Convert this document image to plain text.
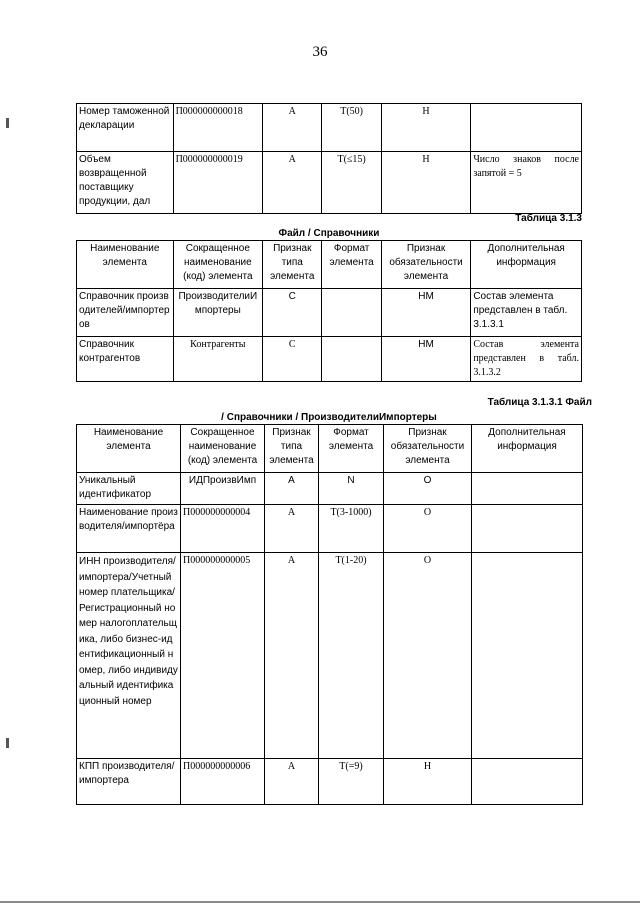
36
Номер таможенной декларации	П000000000018	А	Т(50)	Н	
Объем возвращенной поставщику продукции, дал	П000000000019	А	Т(≤15)	Н	Число знаков после запятой = 5
Таблица 3.1.3
Файл / Справочники
Наименование элемента	Сокращенное наименование (код) элемента	Признак типа элемента	Формат элемента	Признак обязательности элемента	Дополнительная информация
Справочник производителей/импортеров	ПроизводителиИмпортеры	С		НМ	Состав элемента представлен в табл. 3.1.3.1
Справочник контрагентов	Контрагенты	С		НМ	Состав элемента представлен в табл. 3.1.3.2
Таблица 3.1.3.1 Файл
/ Справочники / ПроизводителиИмпортеры
Наименование элемента	Сокращенное наименование (код) элемента	Признак типа элемента	Формат элемента	Признак обязательности элемента	Дополнительная информация
Уникальный идентификатор	ИДПроизвИмп	А	N	О	
Наименование производителя/импортёра	П000000000004	А	Т(3-1000)	О	
ИНН производителя/импортера/Учетный номер плательщика/Регистрационный номер налогоплательщика, либо бизнес-идентификационный номер, либо индивидуальный идентификационный номер	П000000000005	А	Т(1-20)	О	
КПП производителя/импортера	П000000000006	А	Т(=9)	Н	
